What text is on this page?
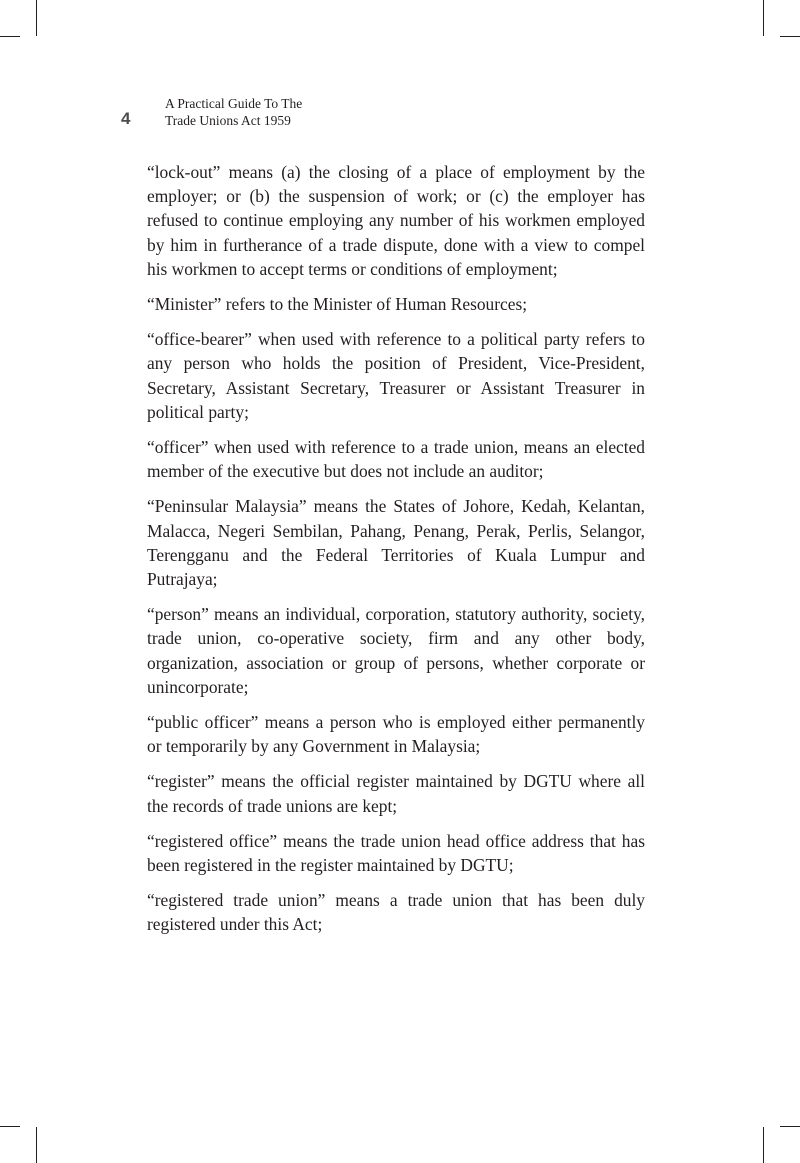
4
A Practical Guide To The
Trade Unions Act 1959

“lock-out” means (a) the closing of a place of employment by the employer; or (b) the suspension of work; or (c) the employer has refused to continue employing any number of his workmen employed by him in furtherance of a trade dispute, done with a view to compel his workmen to accept terms or conditions of employment;

“Minister” refers to the Minister of Human Resources;

“office-bearer” when used with reference to a political party refers to any person who holds the position of President, Vice-President, Secretary, Assistant Secretary, Treasurer or Assistant Treasurer in political party;

“officer” when used with reference to a trade union, means an elected member of the executive but does not include an auditor;

“Peninsular Malaysia” means the States of Johore, Kedah, Kelantan, Malacca, Negeri Sembilan, Pahang, Penang, Perak, Perlis, Selangor, Terengganu and the Federal Territories of Kuala Lumpur and Putrajaya;

“person” means an individual, corporation, statutory authority, society, trade union, co-operative society, firm and any other body, organization, association or group of persons, whether corporate or unincorporate;

“public officer” means a person who is employed either permanently or temporarily by any Government in Malaysia;

“register” means the official register maintained by DGTU where all the records of trade unions are kept;

“registered office” means the trade union head office address that has been registered in the register maintained by DGTU;

“registered trade union” means a trade union that has been duly registered under this Act;
